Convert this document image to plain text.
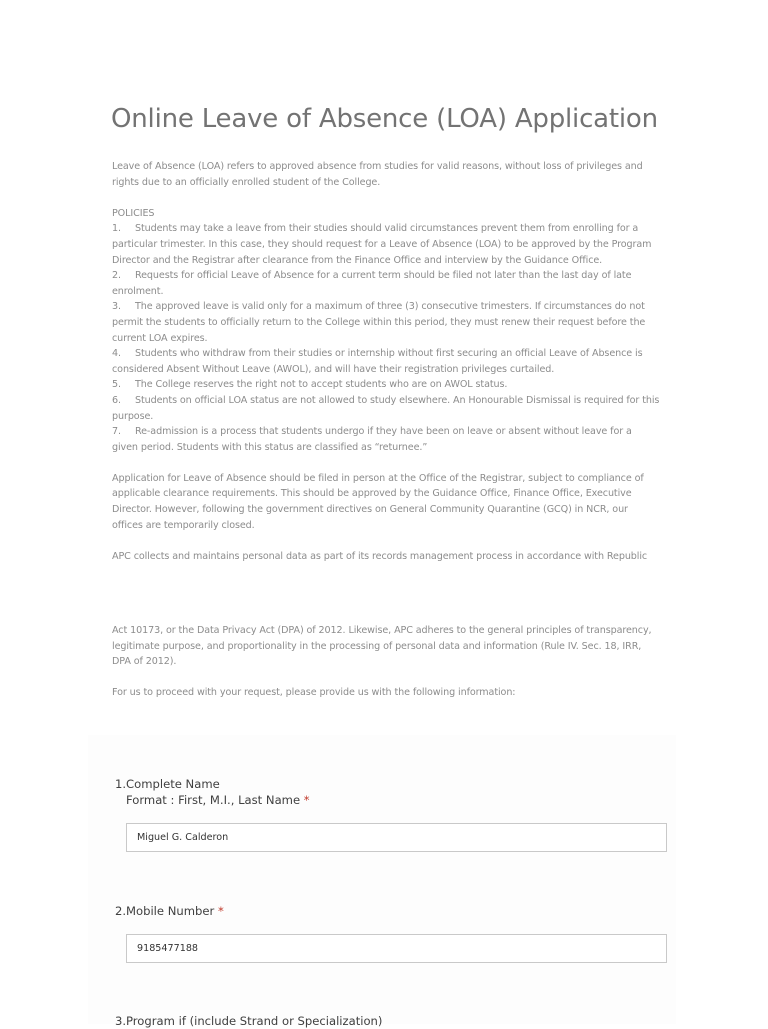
Online Leave of Absence (LOA) Application

Leave of Absence (LOA) refers to approved absence from studies for valid reasons, without loss of privileges and rights due to an officially enrolled student of the College.

POLICIES

1. Students may take a leave from their studies should valid circumstances prevent them from enrolling for a particular trimester. In this case, they should request for a Leave of Absence (LOA) to be approved by the Program Director and the Registrar after clearance from the Finance Office and interview by the Guidance Office.

2. Requests for official Leave of Absence for a current term should be filed not later than the last day of late enrolment.

3. The approved leave is valid only for a maximum of three (3) consecutive trimesters. If circumstances do not permit the students to officially return to the College within this period, they must renew their request before the current LOA expires.

4. Students who withdraw from their studies or internship without first securing an official Leave of Absence is considered Absent Without Leave (AWOL), and will have their registration privileges curtailed.

5. The College reserves the right not to accept students who are on AWOL status.

6. Students on official LOA status are not allowed to study elsewhere. An Honourable Dismissal is required for this purpose.

7. Re-admission is a process that students undergo if they have been on leave or absent without leave for a given period. Students with this status are classified as “returnee.”

Application for Leave of Absence should be filed in person at the Office of the Registrar, subject to compliance of applicable clearance requirements. This should be approved by the Guidance Office, Finance Office, Executive Director. However, following the government directives on General Community Quarantine (GCQ) in NCR, our offices are temporarily closed.

APC collects and maintains personal data as part of its records management process in accordance with Republic

Act 10173, or the Data Privacy Act (DPA) of 2012. Likewise, APC adheres to the general principles of transparency, legitimate purpose, and proportionality in the processing of personal data and information (Rule IV. Sec. 18, IRR, DPA of 2012).

For us to proceed with your request, please provide us with the following information:

1.Complete Name
Format : First, M.I., Last Name *
Miguel G. Calderon
2.Mobile Number *
9185477188
3.Program if (include Strand or Specialization)
